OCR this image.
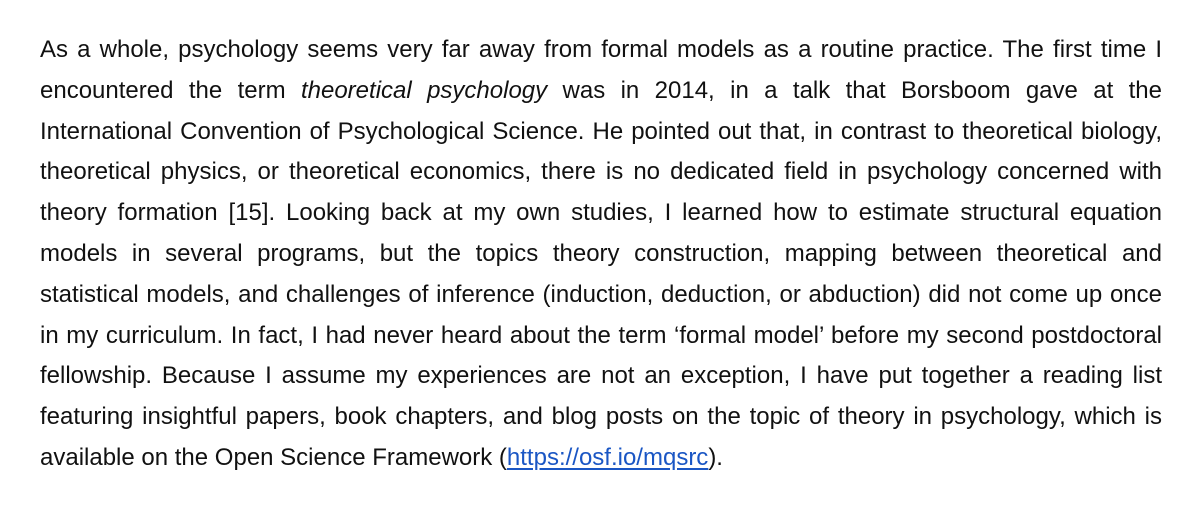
As a whole, psychology seems very far away from formal models as a routine practice. The first time I encountered the term theoretical psychology was in 2014, in a talk that Borsboom gave at the International Convention of Psychological Science. He pointed out that, in contrast to theoretical biology, theoretical physics, or theoretical economics, there is no dedicated field in psychology concerned with theory formation [15]. Looking back at my own studies, I learned how to estimate structural equation models in several programs, but the topics theory construction, mapping between theoretical and statistical models, and challenges of inference (induction, deduction, or abduction) did not come up once in my curriculum. In fact, I had never heard about the term ‘formal model’ before my second postdoctoral fellowship. Because I assume my experiences are not an exception, I have put together a reading list featuring insightful papers, book chapters, and blog posts on the topic of theory in psychology, which is available on the Open Science Framework (https://osf.io/mqsrc).
